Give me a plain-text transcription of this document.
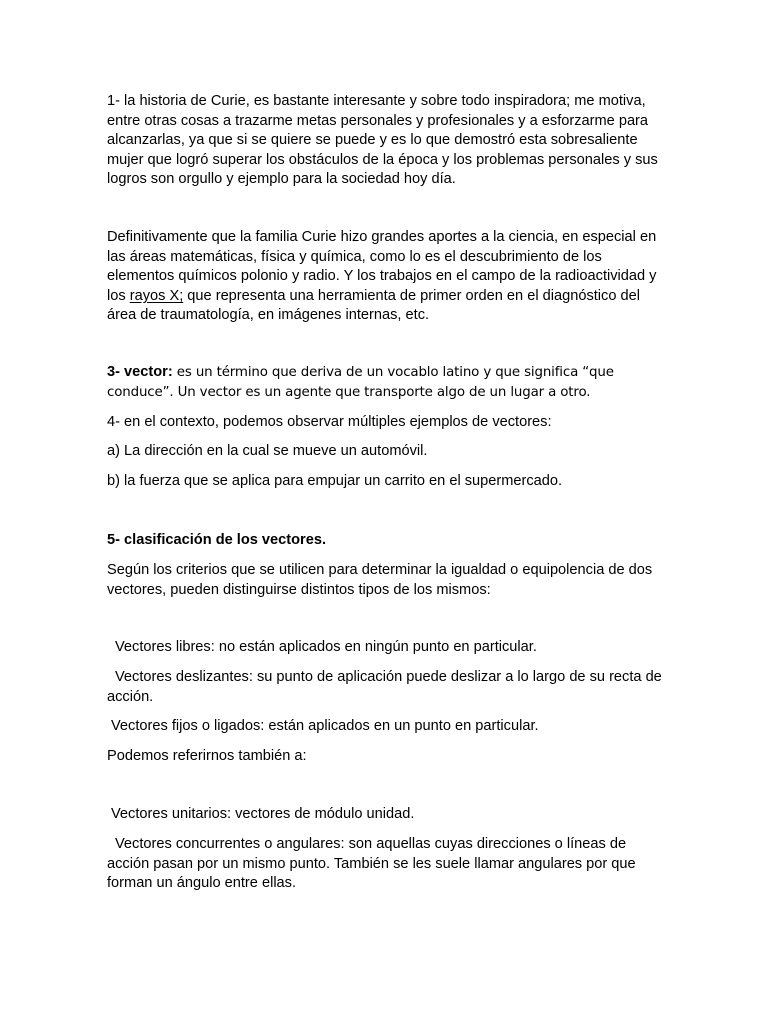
1- la historia de Curie, es bastante interesante y sobre todo inspiradora; me motiva, entre otras cosas a trazarme metas personales y profesionales y a esforzarme para alcanzarlas, ya que si se quiere se puede y es lo que demostró esta sobresaliente mujer que logró superar los obstáculos de la época y los problemas personales y sus logros son orgullo y ejemplo para la sociedad hoy día.

Definitivamente que la familia Curie hizo grandes aportes a la ciencia, en especial en las áreas matemáticas, física y química, como lo es el descubrimiento de los elementos químicos polonio y radio. Y los trabajos en el campo de la radioactividad y los rayos X; que representa una herramienta de primer orden en el diagnóstico del área de traumatología, en imágenes internas, etc.

3- vector: es un término que deriva de un vocablo latino y que significa “que conduce”. Un vector es un agente que transporte algo de un lugar a otro.

4- en el contexto, podemos observar múltiples ejemplos de vectores:

a) La dirección en la cual se mueve un automóvil.

b) la fuerza que se aplica para empujar un carrito en el supermercado.

5- clasificación de los vectores.

Según los criterios que se utilicen para determinar la igualdad o equipolencia de dos vectores, pueden distinguirse distintos tipos de los mismos:

Vectores libres: no están aplicados en ningún punto en particular.

Vectores deslizantes: su punto de aplicación puede deslizar a lo largo de su recta de acción.

Vectores fijos o ligados: están aplicados en un punto en particular.

Podemos referirnos también a:

Vectores unitarios: vectores de módulo unidad.

Vectores concurrentes o angulares: son aquellas cuyas direcciones o líneas de acción pasan por un mismo punto. También se les suele llamar angulares por que forman un ángulo entre ellas.
